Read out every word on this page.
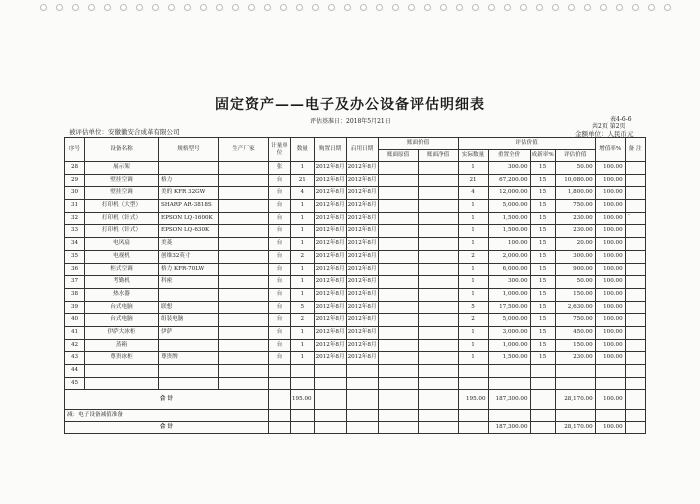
固定资产——电子及办公设备评估明细表
评估基准日：2018年5月21日	表4-6-6
共2页 第2页
被评估单位：安徽徽安合成革有限公司	金额单位：人民币元
·
序号	设备名称	规格型号	生产厂家	计量单位	数量	购置日期	启用日期	账面价值		评估价值				增值率%	备 注
								账面原值	账面净值	实际数量	重置全价	成新率%	评估价值		
28	展示架			张	1	2012年8月	2012年8月			1	300.00	15	50.00	100.00	
29	壁挂空调	格力		台	21	2012年8月	2012年8月			21	67,200.00	15	10,080.00	100.00	
30	壁挂空调	美的 KFR 32GW		台	4	2012年8月	2012年8月			4	12,000.00	15	1,800.00	100.00	
31	打印机（大型）	SHARP AR-3818S		台	1	2012年8月	2012年8月			1	5,000.00	15	750.00	100.00	
32	打印机（针式）	EPSON LQ-1600K		台	1	2012年8月	2012年8月			1	1,500.00	15	230.00	100.00	
33	打印机（针式）	EPSON LQ-630K		台	1	2012年8月	2012年8月			1	1,500.00	15	230.00	100.00	
34	电风扇	美菱		台	1	2012年8月	2012年8月			1	100.00	15	20.00	100.00	
35	电视机	创维32英寸		台	2	2012年8月	2012年8月			2	2,000.00	15	300.00	100.00	
36	柜式空调	格力 KFR-70LW		台	1	2012年8月	2012年8月			1	6,000.00	15	900.00	100.00	
37	考勤机	科密		台	1	2012年8月	2012年8月			1	300.00	15	50.00	100.00	
38	热水器			台	1	2012年8月	2012年8月			1	1,000.00	15	150.00	100.00	
39	台式电脑	联想		台	5	2012年8月	2012年8月			5	17,500.00	15	2,630.00	100.00	
40	台式电脑	组装电脑		台	2	2012年8月	2012年8月			2	5,000.00	15	750.00	100.00	
41	伊萨大冰柜	伊萨		台	1	2012年8月	2012年8月			1	3,000.00	15	450.00	100.00	
42	蒸箱			台	1	2012年8月	2012年8月			1	1,000.00	15	150.00	100.00	
43	尊贵冰柜	尊贵牌		台	1	2012年8月	2012年8月			1	1,500.00	15	230.00	100.00	
44															
45															
合 计					195.00					195.00	187,300.00		28,170.00	100.00	
减：电子设备减值准备															
合 计											187,300.00		28,170.00	100.00	
